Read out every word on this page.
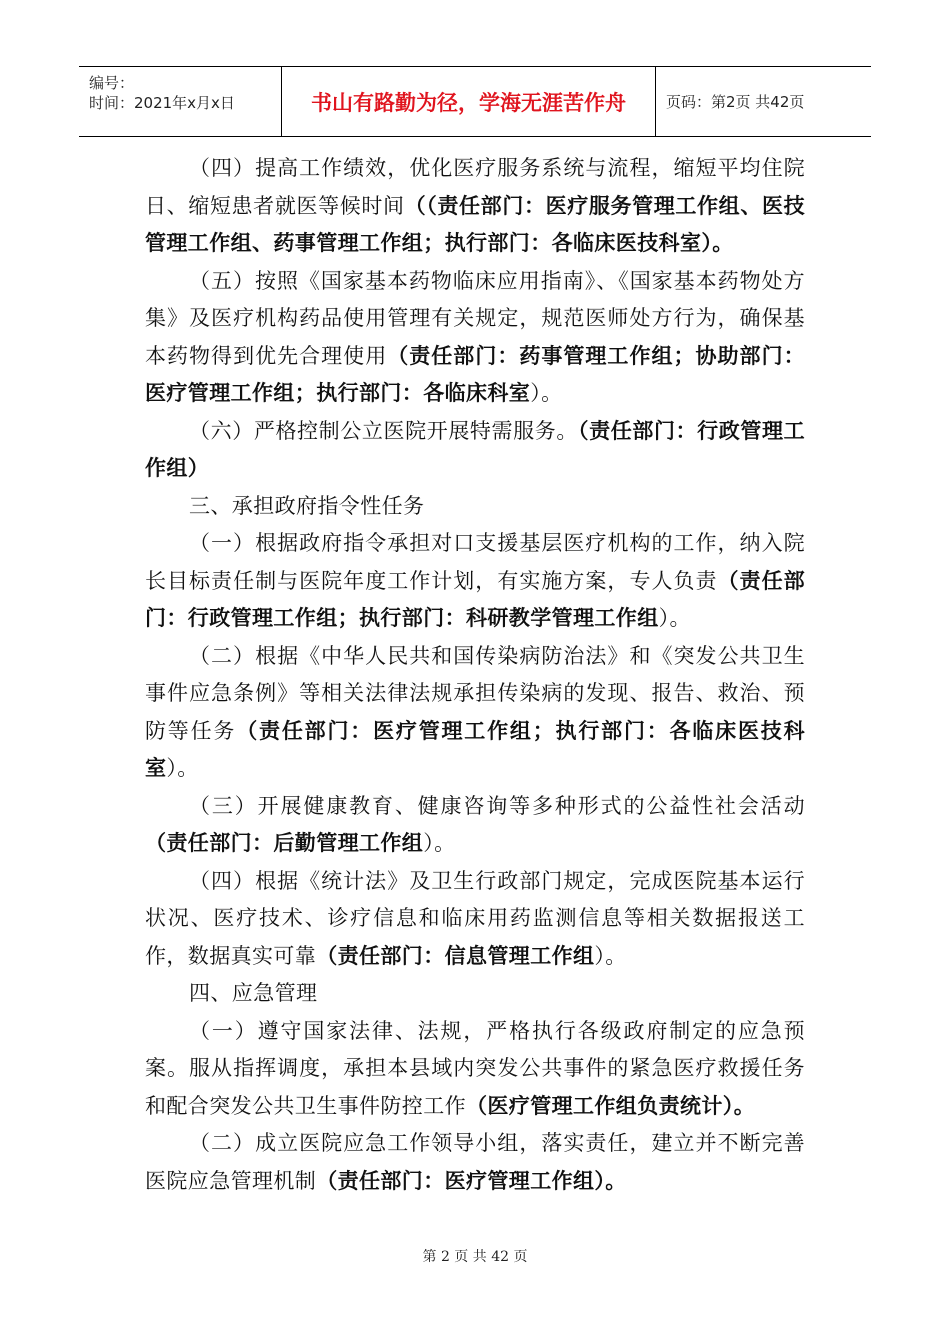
编号：
时间：2021年x月x日	书山有路勤为径，学海无涯苦作舟	页码：第2页 共42页

（四）提高工作绩效，优化医疗服务系统与流程，缩短平均住院日、缩短患者就医等候时间（（责任部门：医疗服务管理工作组、医技管理工作组、药事管理工作组；执行部门：各临床医技科室）。

（五）按照《国家基本药物临床应用指南》、《国家基本药物处方集》及医疗机构药品使用管理有关规定，规范医师处方行为，确保基本药物得到优先合理使用（责任部门：药事管理工作组；协助部门：医疗管理工作组；执行部门：各临床科室）。

（六）严格控制公立医院开展特需服务。（责任部门：行政管理工作组）

三、承担政府指令性任务

（一）根据政府指令承担对口支援基层医疗机构的工作，纳入院长目标责任制与医院年度工作计划，有实施方案，专人负责（责任部门：行政管理工作组；执行部门：科研教学管理工作组）。

（二）根据《中华人民共和国传染病防治法》和《突发公共卫生事件应急条例》等相关法律法规承担传染病的发现、报告、救治、预防等任务（责任部门：医疗管理工作组；执行部门：各临床医技科室）。

（三）开展健康教育、健康咨询等多种形式的公益性社会活动（责任部门：后勤管理工作组）。

（四）根据《统计法》及卫生行政部门规定，完成医院基本运行状况、医疗技术、诊疗信息和临床用药监测信息等相关数据报送工作，数据真实可靠（责任部门：信息管理工作组）。

四、应急管理

（一）遵守国家法律、法规，严格执行各级政府制定的应急预案。服从指挥调度，承担本县域内突发公共事件的紧急医疗救援任务和配合突发公共卫生事件防控工作（医疗管理工作组负责统计）。

（二）成立医院应急工作领导小组，落实责任，建立并不断完善医院应急管理机制（责任部门：医疗管理工作组）。

第 2 页 共 42 页
